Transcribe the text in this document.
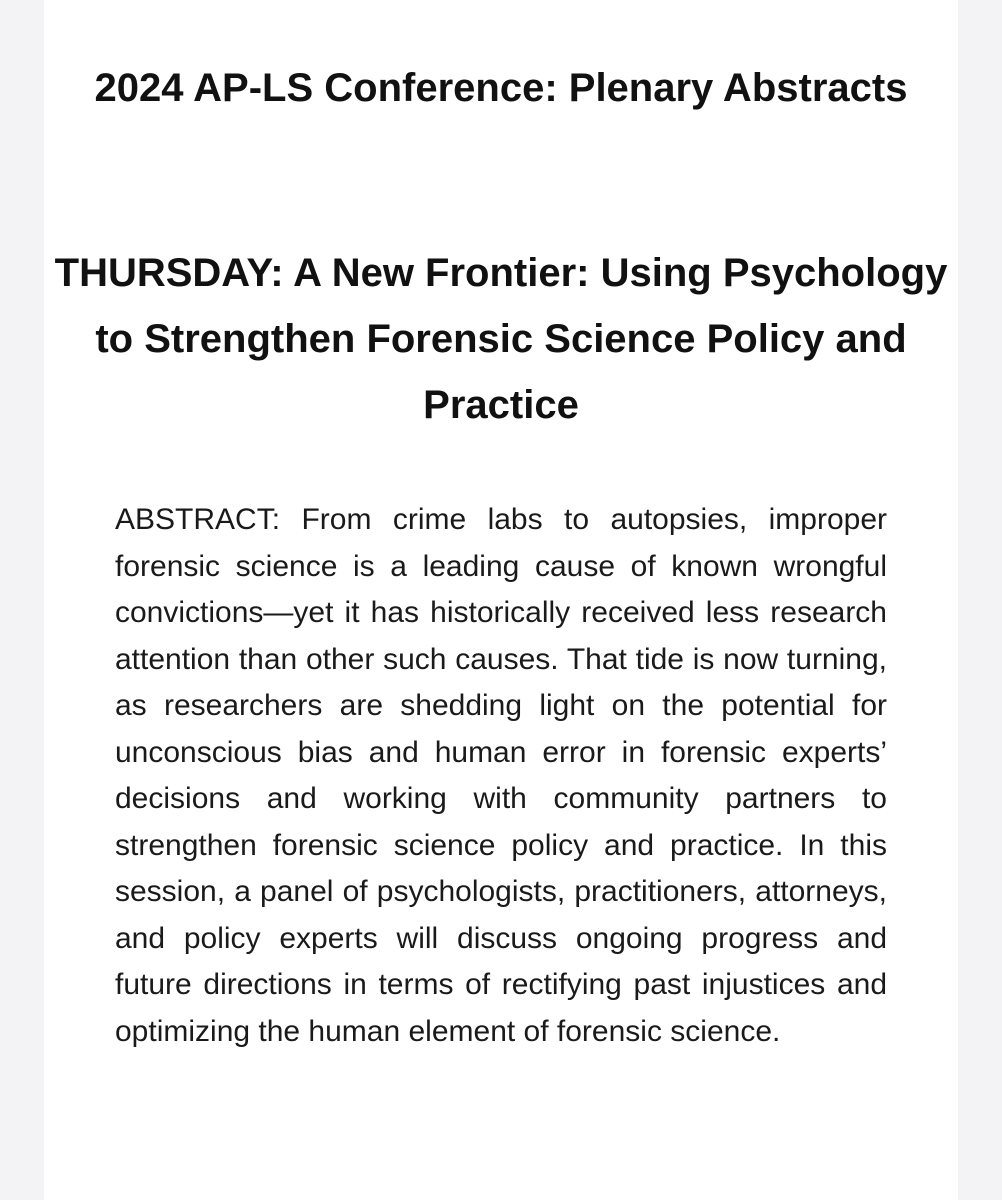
2024 AP-LS Conference: Plenary Abstracts
THURSDAY: A New Frontier: Using Psychology to Strengthen Forensic Science Policy and Practice

ABSTRACT: From crime labs to autopsies, improper forensic science is a leading cause of known wrongful convictions—yet it has historically received less research attention than other such causes. That tide is now turning, as researchers are shedding light on the potential for unconscious bias and human error in forensic experts’ decisions and working with community partners to strengthen forensic science policy and practice. In this session, a panel of psychologists, practitioners, attorneys, and policy experts will discuss ongoing progress and future directions in terms of rectifying past injustices and optimizing the human element of forensic science.
